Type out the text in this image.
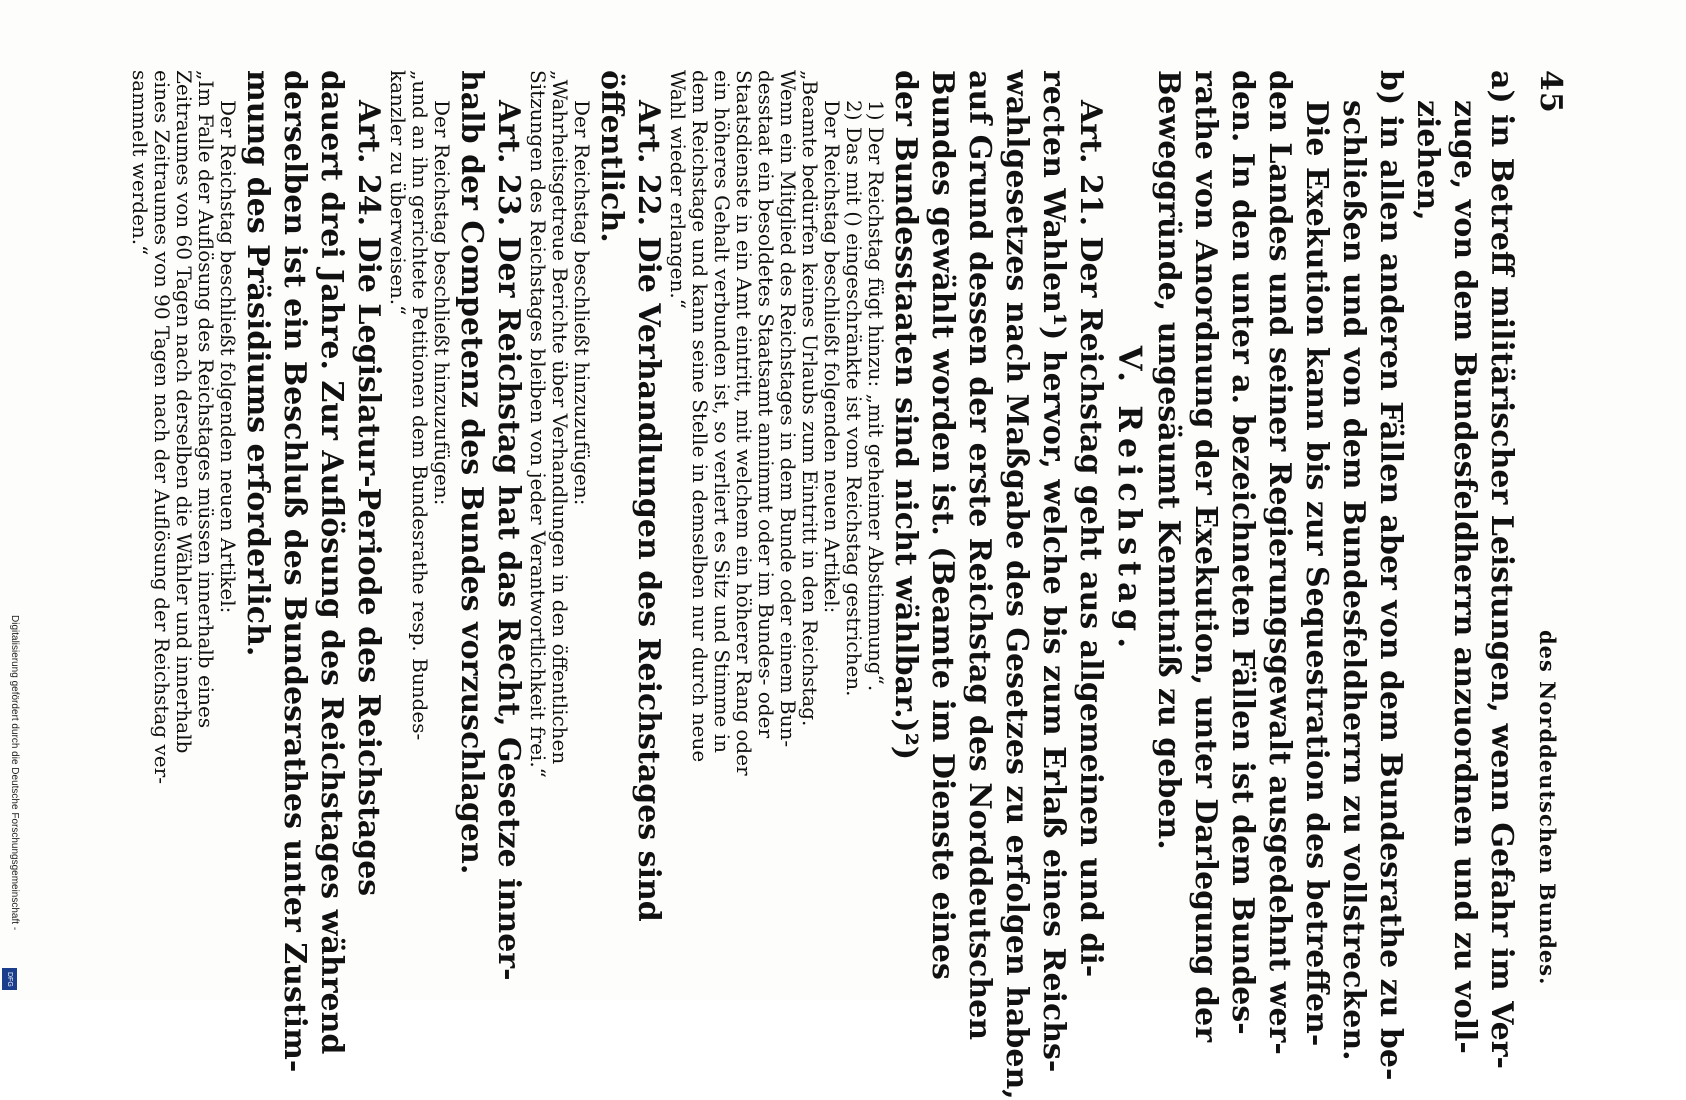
45
des Norddeutschen Bundes.

a) in Betreff militärischer Leistungen, wenn Gefahr im Ver-

zuge, von dem Bundesfeldherrn anzuordnen und zu voll-

ziehen,

b) in allen anderen Fällen aber von dem Bundesrathe zu be-

schließen und von dem Bundesfeldherrn zu vollstrecken.

Die Exekution kann bis zur Sequestration des betreffen-

den Landes und seiner Regierungsgewalt ausgedehnt wer-

den. In den unter a. bezeichneten Fällen ist dem Bundes-

rathe von Anordnung der Exekution, unter Darlegung der

Beweggründe, ungesäumt Kenntniß zu geben.

V. Reichstag.

Art. 21. Der Reichstag geht aus allgemeinen und di-

recten Wahlen¹) hervor, welche bis zum Erlaß eines Reichs-

wahlgesetzes nach Maßgabe des Gesetzes zu erfolgen haben,

auf Grund dessen der erste Reichstag des Norddeutschen

Bundes gewählt worden ist. (Beamte im Dienste eines

der Bundesstaaten sind nicht wählbar.)²)

1) Der Reichstag fügt hinzu: „mit geheimer Abstimmung“.

2) Das mit () eingeschränkte ist vom Reichstag gestrichen.

Der Reichstag beschließt folgenden neuen Artikel:

„Beamte bedürfen keines Urlaubs zum Eintritt in den Reichstag.

Wenn ein Mitglied des Reichstages in dem Bunde oder einem Bun-

desstaat ein besoldetes Staatsamt annimmt oder im Bundes- oder

Staatsdienste in ein Amt eintritt, mit welchem ein höherer Rang oder

ein höheres Gehalt verbunden ist, so verliert es Sitz und Stimme in

dem Reichstage und kann seine Stelle in demselben nur durch neue

Wahl wieder erlangen.“

Art. 22. Die Verhandlungen des Reichstages sind

öffentlich.

Der Reichstag beschließt hinzuzufügen:

„Wahrheitsgetreue Berichte über Verhandlungen in den öffentlichen

Sitzungen des Reichstages bleiben von jeder Verantwortlichkeit frei.“

Art. 23. Der Reichstag hat das Recht, Gesetze inner-

halb der Competenz des Bundes vorzuschlagen.

Der Reichstag beschließt hinzuzufügen:

„und an ihn gerichtete Petitionen dem Bundesrathe resp. Bundes-

kanzler zu überweisen.“

Art. 24. Die Legislatur-Periode des Reichstages

dauert drei Jahre. Zur Auflösung des Reichstages während

derselben ist ein Beschluß des Bundesrathes unter Zustim-

mung des Präsidiums erforderlich.

Der Reichstag beschließt folgenden neuen Artikel:

„Im Falle der Auflösung des Reichstages müssen innerhalb eines

Zeitraumes von 60 Tagen nach derselben die Wähler und innerhalb

eines Zeitraumes von 90 Tagen nach der Auflösung der Reichstag ver-

sammelt werden.“

Digitalisierung gefördert durch die Deutsche Forschungsgemeinschaft -
DFG
